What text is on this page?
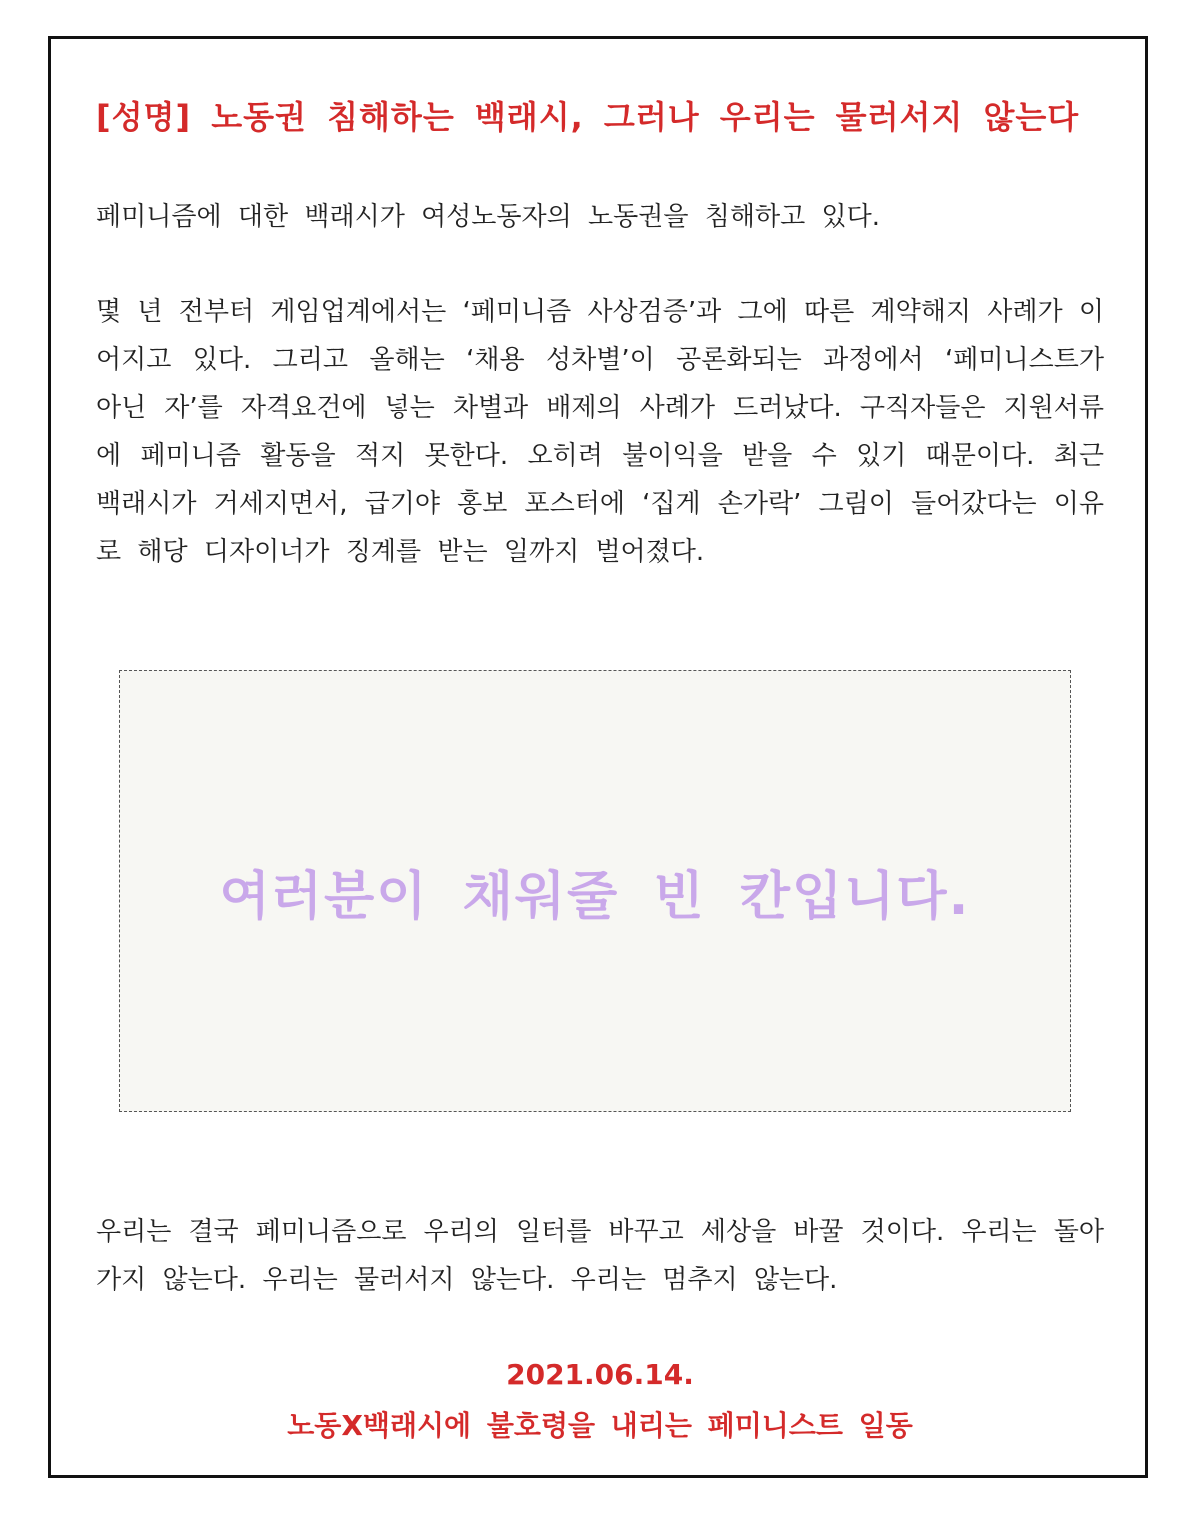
[성명] 노동권 침해하는 백래시, 그러나 우리는 물러서지 않는다
페미니즘에 대한 백래시가 여성노동자의 노동권을 침해하고 있다.
몇 년 전부터 게임업계에서는 ‘페미니즘 사상검증’과 그에 따른 계약해지 사례가 이어지고 있다. 그리고 올해는 ‘채용 성차별’이 공론화되는 과정에서 ‘페미니스트가 아닌 자’를 자격요건에 넣는 차별과 배제의 사례가 드러났다. 구직자들은 지원서류에 페미니즘 활동을 적지 못한다. 오히려 불이익을 받을 수 있기 때문이다. 최근 백래시가 거세지면서, 급기야 홍보 포스터에 ‘집게 손가락’ 그림이 들어갔다는 이유로 해당 디자이너가 징계를 받는 일까지 벌어졌다.
여러분이 채워줄 빈 칸입니다.
우리는 결국 페미니즘으로 우리의 일터를 바꾸고 세상을 바꿀 것이다. 우리는 돌아가지 않는다. 우리는 물러서지 않는다. 우리는 멈추지 않는다.
2021.06.14.
노동X백래시에 불호령을 내리는 페미니스트 일동
